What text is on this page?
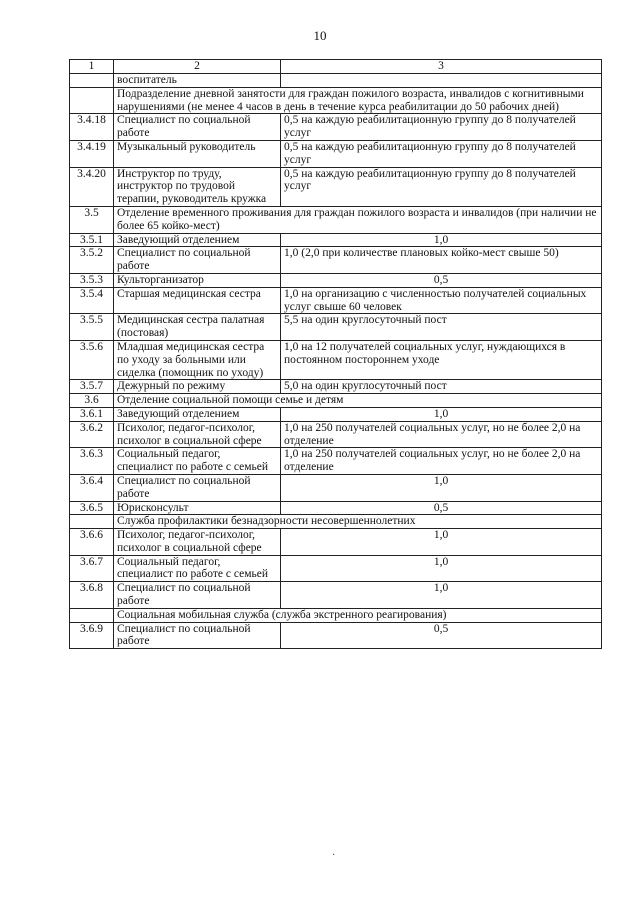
10
1	2	3
	воспитатель	
	Подразделение дневной занятости для граждан пожилого возраста, инвалидов с когнитивными нарушениями (не менее 4 часов в день в течение курса реабилитации до 50 рабочих дней)	
3.4.18	Специалист по социальной работе	0,5 на каждую реабилитационную группу до 8 получателей услуг
3.4.19	Музыкальный руководитель	0,5 на каждую реабилитационную группу до 8 получателей услуг
3.4.20	Инструктор по труду, инструктор по трудовой терапии, руководитель кружка	0,5 на каждую реабилитационную группу до 8 получателей услуг
3.5	Отделение временного проживания для граждан пожилого возраста и инвалидов (при наличии не более 65 койко-мест)	
3.5.1	Заведующий отделением	1,0
3.5.2	Специалист по социальной работе	1,0 (2,0 при количестве плановых койко-мест свыше 50)
3.5.3	Культорганизатор	0,5
3.5.4	Старшая медицинская сестра	1,0 на организацию с численностью получателей социальных услуг свыше 60 человек
3.5.5	Медицинская сестра палатная (постовая)	5,5 на один круглосуточный пост
3.5.6	Младшая медицинская сестра по уходу за больными или сиделка (помощник по уходу)	1,0 на 12 получателей социальных услуг, нуждающихся в постоянном постороннем уходе
3.5.7	Дежурный по режиму	5,0 на один круглосуточный пост
3.6	Отделение социальной помощи семье и детям	
3.6.1	Заведующий отделением	1,0
3.6.2	Психолог, педагог-психолог, психолог в социальной сфере	1,0 на 250 получателей социальных услуг, но не более 2,0 на отделение
3.6.3	Социальный педагог, специалист по работе с семьей	1,0 на 250 получателей социальных услуг, но не более 2,0 на отделение
3.6.4	Специалист по социальной работе	1,0
3.6.5	Юрисконсульт	0,5
	Служба профилактики безнадзорности несовершеннолетних	
3.6.6	Психолог, педагог-психолог, психолог в социальной сфере	1,0
3.6.7	Социальный педагог, специалист по работе с семьей	1,0
3.6.8	Специалист по социальной работе	1,0
	Социальная мобильная служба (служба экстренного реагирования)	
3.6.9	Специалист по социальной работе	0,5
·
